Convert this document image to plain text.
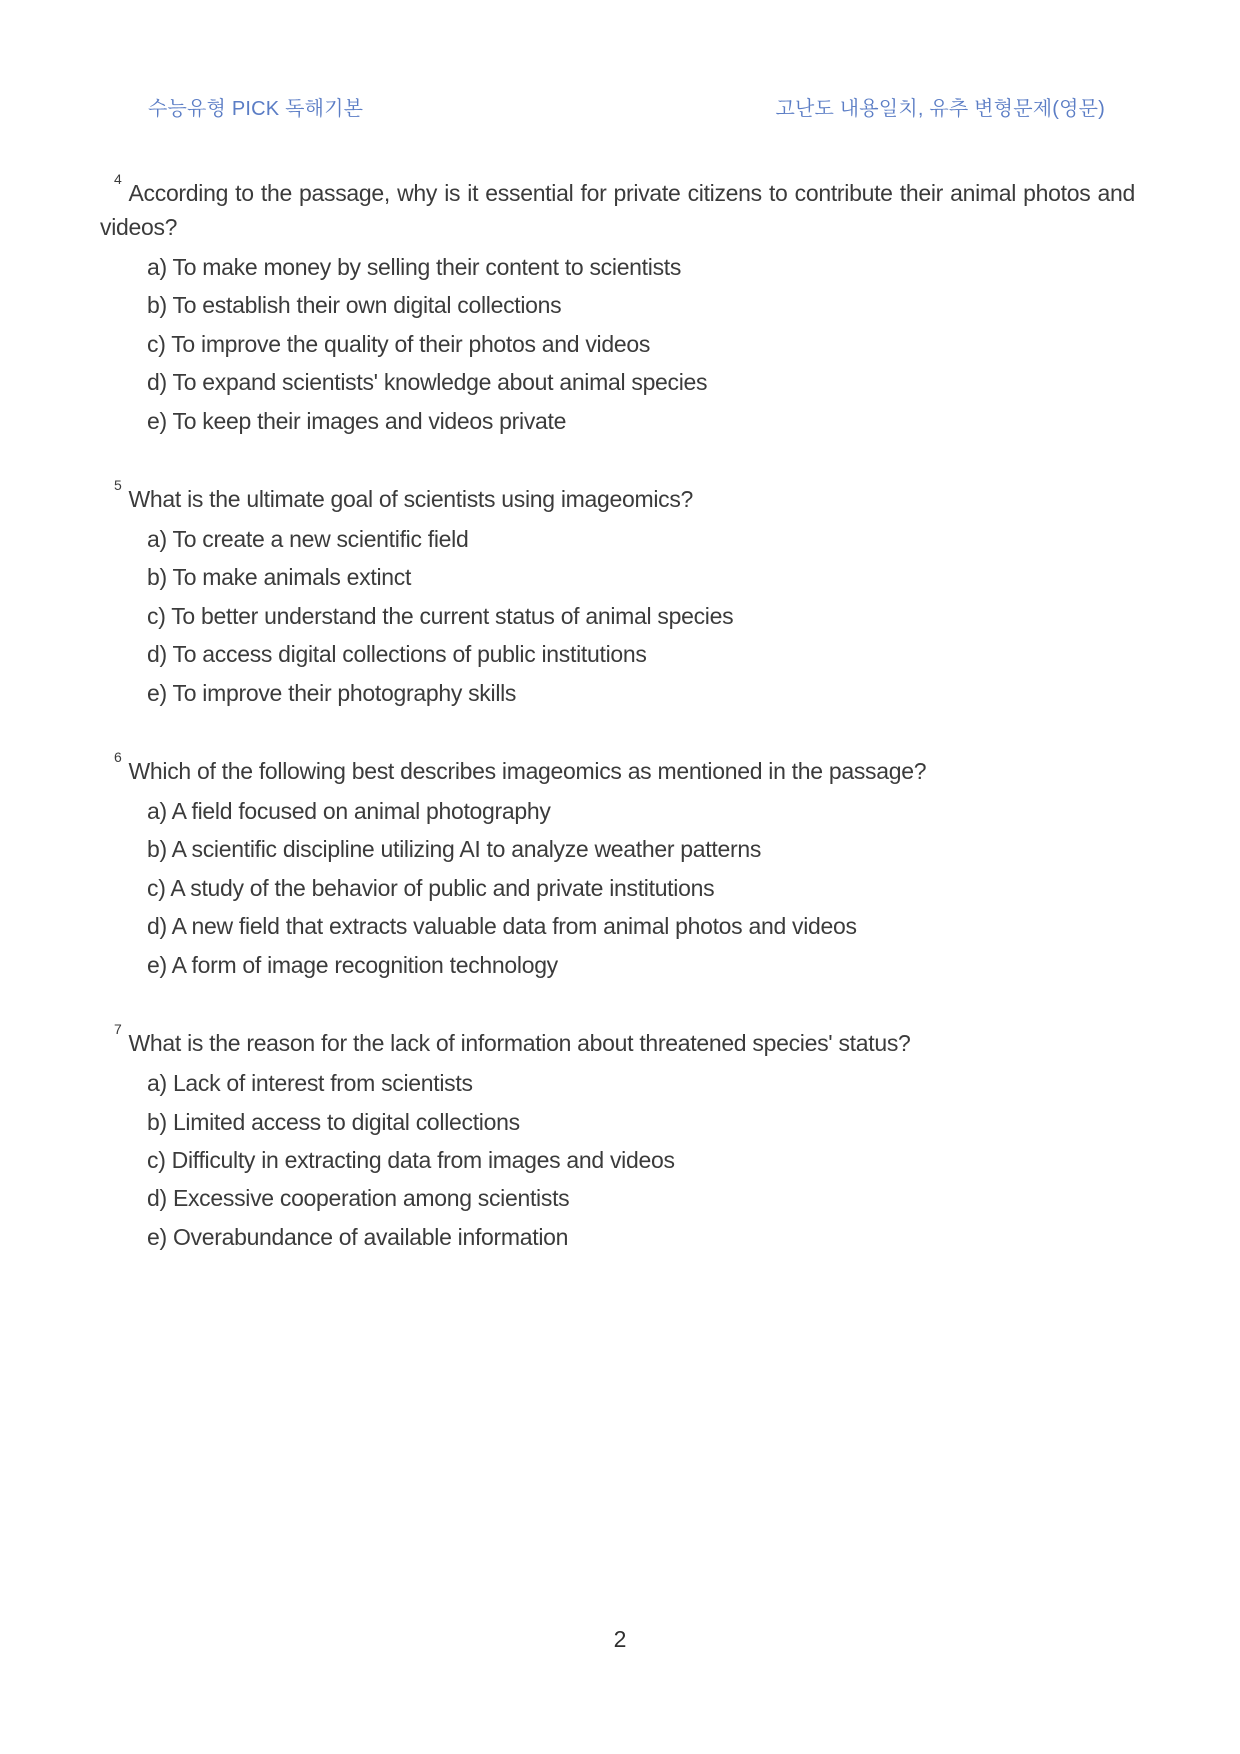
수능유형 PICK 독해기본	고난도 내용일치, 유추 변형문제(영문)

$^4$According to the passage, why is it essential for private citizens to contribute their animal photos and videos?

a) To make money by selling their content to scientists
b) To establish their own digital collections
c) To improve the quality of their photos and videos
d) To expand scientists' knowledge about animal species
e) To keep their images and videos private

$^5$What is the ultimate goal of scientists using imageomics?

a) To create a new scientific field
b) To make animals extinct
c) To better understand the current status of animal species
d) To access digital collections of public institutions
e) To improve their photography skills

$^6$Which of the following best describes imageomics as mentioned in the passage?

a) A field focused on animal photography
b) A scientific discipline utilizing AI to analyze weather patterns
c) A study of the behavior of public and private institutions
d) A new field that extracts valuable data from animal photos and videos
e) A form of image recognition technology

$^7$What is the reason for the lack of information about threatened species' status?

a) Lack of interest from scientists
b) Limited access to digital collections
c) Difficulty in extracting data from images and videos
d) Excessive cooperation among scientists
e) Overabundance of available information
2
